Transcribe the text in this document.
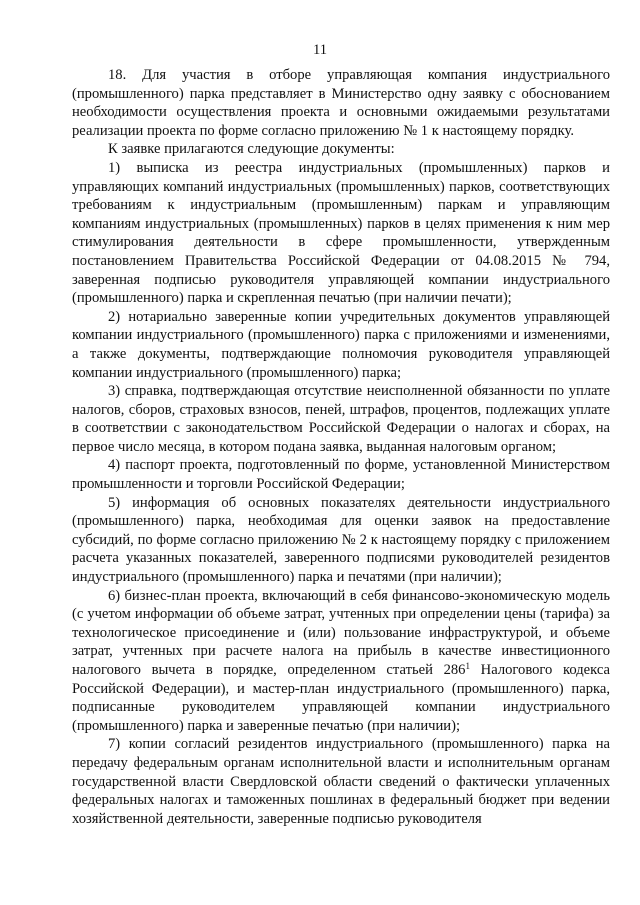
11

18. Для участия в отборе управляющая компания индустриального (промышленного) парка представляет в Министерство одну заявку с обоснованием необходимости осуществления проекта и основными ожидаемыми результатами реализации проекта по форме согласно приложению № 1 к настоящему порядку.

К заявке прилагаются следующие документы:

1) выписка из реестра индустриальных (промышленных) парков и управляющих компаний индустриальных (промышленных) парков, соответствующих требованиям к индустриальным (промышленным) паркам и управляющим компаниям индустриальных (промышленных) парков в целях применения к ним мер стимулирования деятельности в сфере промышленности, утвержденным постановлением Правительства Российской Федерации от 04.08.2015 № 794, заверенная подписью руководителя управляющей компании индустриального (промышленного) парка и скрепленная печатью (при наличии печати);

2) нотариально заверенные копии учредительных документов управляющей компании индустриального (промышленного) парка с приложениями и изменениями, а также документы, подтверждающие полномочия руководителя управляющей компании индустриального (промышленного) парка;

3) справка, подтверждающая отсутствие неисполненной обязанности по уплате налогов, сборов, страховых взносов, пеней, штрафов, процентов, подлежащих уплате в соответствии с законодательством Российской Федерации о налогах и сборах, на первое число месяца, в котором подана заявка, выданная налоговым органом;

4) паспорт проекта, подготовленный по форме, установленной Министерством промышленности и торговли Российской Федерации;

5) информация об основных показателях деятельности индустриального (промышленного) парка, необходимая для оценки заявок на предоставление субсидий, по форме согласно приложению № 2 к настоящему порядку с приложением расчета указанных показателей, заверенного подписями руководителей резидентов индустриального (промышленного) парка и печатями (при наличии);

6) бизнес-план проекта, включающий в себя финансово-экономическую модель (с учетом информации об объеме затрат, учтенных при определении цены (тарифа) за технологическое присоединение и (или) пользование инфраструктурой, и объеме затрат, учтенных при расчете налога на прибыль в качестве инвестиционного налогового вычета в порядке, определенном статьей $286^1$ Налогового кодекса Российской Федерации), и мастер-план индустриального (промышленного) парка, подписанные руководителем управляющей компании индустриального (промышленного) парка и заверенные печатью (при наличии);

7) копии согласий резидентов индустриального (промышленного) парка на передачу федеральным органам исполнительной власти и исполнительным органам государственной власти Свердловской области сведений о фактически уплаченных федеральных налогах и таможенных пошлинах в федеральный бюджет при ведении хозяйственной деятельности, заверенные подписью руководителя
